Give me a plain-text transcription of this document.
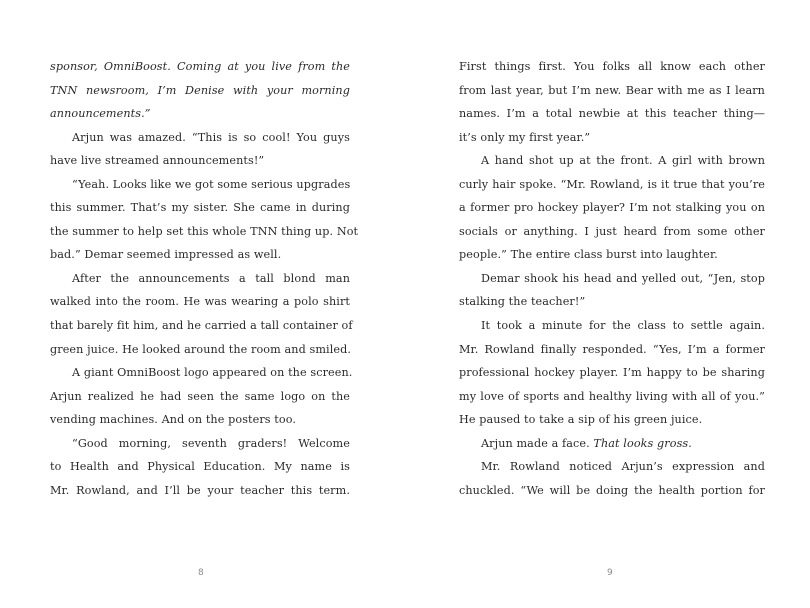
sponsor, OmniBoost. Coming at you live from the
TNN newsroom, I’m Denise with your morning
announcements.”
Arjun was amazed. “This is so cool! You guys
have live streamed announcements!”
“Yeah. Looks like we got some serious upgrades
this summer. That’s my sister. She came in during
the summer to help set this whole TNN thing up. Not
bad.” Demar seemed impressed as well.
After the announcements a tall blond man
walked into the room. He was wearing a polo shirt
that barely fit him, and he carried a tall container of
green juice. He looked around the room and smiled.
A giant OmniBoost logo appeared on the screen.
Arjun realized he had seen the same logo on the
vending machines. And on the posters too.
“Good morning, seventh graders! Welcome
to Health and Physical Education. My name is
Mr. Rowland, and I’ll be your teacher this term.
First things first. You folks all know each other
from last year, but I’m new. Bear with me as I learn
names. I’m a total newbie at this teacher thing—
it’s only my first year.”
A hand shot up at the front. A girl with brown
curly hair spoke. “Mr. Rowland, is it true that you’re
a former pro hockey player? I’m not stalking you on
socials or anything. I just heard from some other
people.” The entire class burst into laughter.
Demar shook his head and yelled out, “Jen, stop
stalking the teacher!”
It took a minute for the class to settle again.
Mr. Rowland finally responded. “Yes, I’m a former
professional hockey player. I’m happy to be sharing
my love of sports and healthy living with all of you.”
He paused to take a sip of his green juice.
Arjun made a face. That looks gross.
Mr. Rowland noticed Arjun’s expression and
chuckled. “We will be doing the health portion for
8	9
